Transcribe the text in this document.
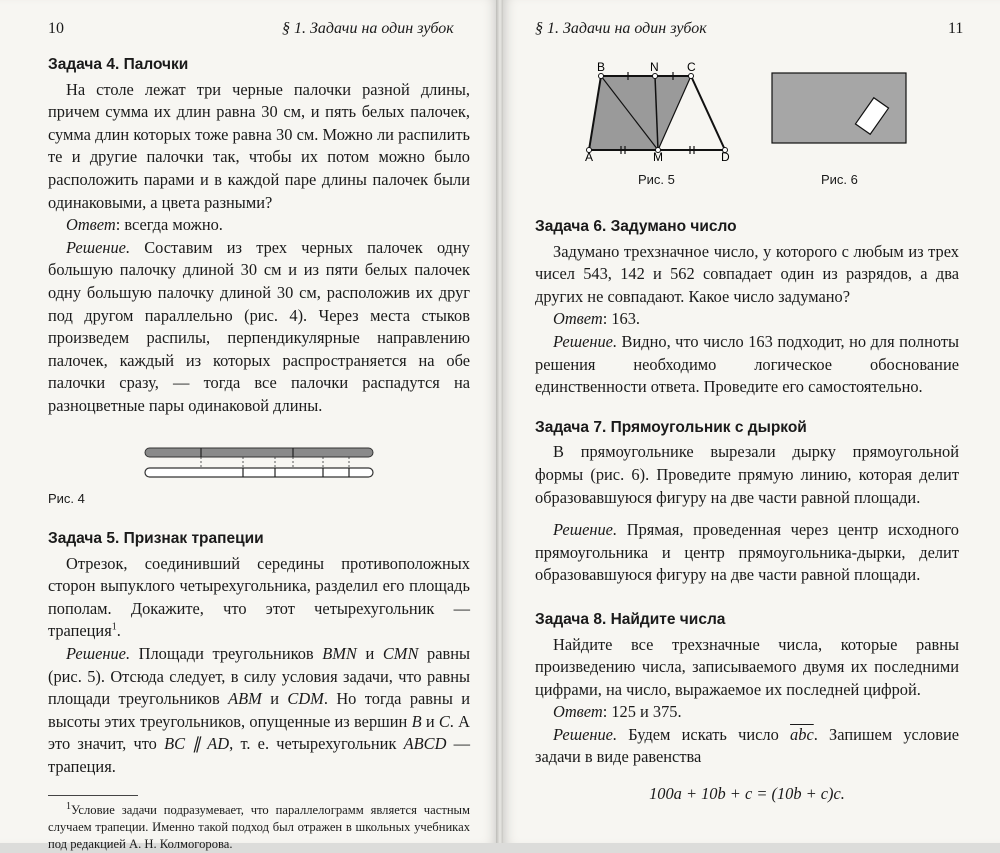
10	§ 1. Задачи на один зубок

Задача 4. Палочки

На столе лежат три черные палочки разной длины, причем сумма их длин равна 30 см, и пять белых палочек, сумма длин которых тоже равна 30 см. Можно ли распилить те и другие палочки так, чтобы их потом можно было расположить парами и в каждой паре длины палочек были одинаковыми, а цвета разными?

Ответ: всегда можно.

Решение. Составим из трех черных палочек одну большую палочку длиной 30 см и из пяти белых палочек одну большую палочку длиной 30 см, расположив их друг под другом параллельно (рис. 4). Через места стыков произведем распилы, перпендикулярные направлению палочек, каждый из которых распространяется на обе палочки сразу, — тогда все палочки распадутся на разноцветные пары одинаковой длины.

Рис. 4

Задача 5. Признак трапеции

Отрезок, соединивший середины противоположных сторон выпуклого четырехугольника, разделил его площадь пополам. Докажите, что этот четырехугольник — трапеция$^1$.

Решение. Площади треугольников BMN и CMN равны (рис. 5). Отсюда следует, в силу условия задачи, что равны площади треугольников ABM и CDM. Но тогда равны и высоты этих треугольников, опущенные из вершин B и C. А это значит, что BC ∥ AD, т. е. четырехугольник ABCD — трапеция.

$^1$Условие задачи подразумевает, что параллелограмм является частным случаем трапеции. Именно такой подход был отражен в школьных учебниках под редакцией А. Н. Колмогорова.

§ 1. Задачи на один зубок	11
B	N C
A	M	D
Рис. 5	Рис. 6

Задача 6. Задумано число

Задумано трехзначное число, у которого с любым из трех чисел 543, 142 и 562 совпадает один из разрядов, а два других не совпадают. Какое число задумано?

Ответ: 163.

Решение. Видно, что число 163 подходит, но для полноты решения необходимо логическое обоснование единственности ответа. Проведите его самостоятельно.

Задача 7. Прямоугольник с дыркой

В прямоугольнике вырезали дырку прямоугольной формы (рис. 6). Проведите прямую линию, которая делит образовавшуюся фигуру на две части равной площади.

Решение. Прямая, проведенная через центр исходного прямоугольника и центр прямоугольника-дырки, делит образовавшуюся фигуру на две части равной площади.

Задача 8. Найдите числа

Найдите все трехзначные числа, которые равны произведению числа, записываемого двумя их последними цифрами, на число, выражаемое их последней цифрой.

Ответ: 125 и 375.

Решение. Будем искать число $\overline{abc}$. Запишем условие задачи в виде равенства

100a + 10b + c = (10b + c)c.
